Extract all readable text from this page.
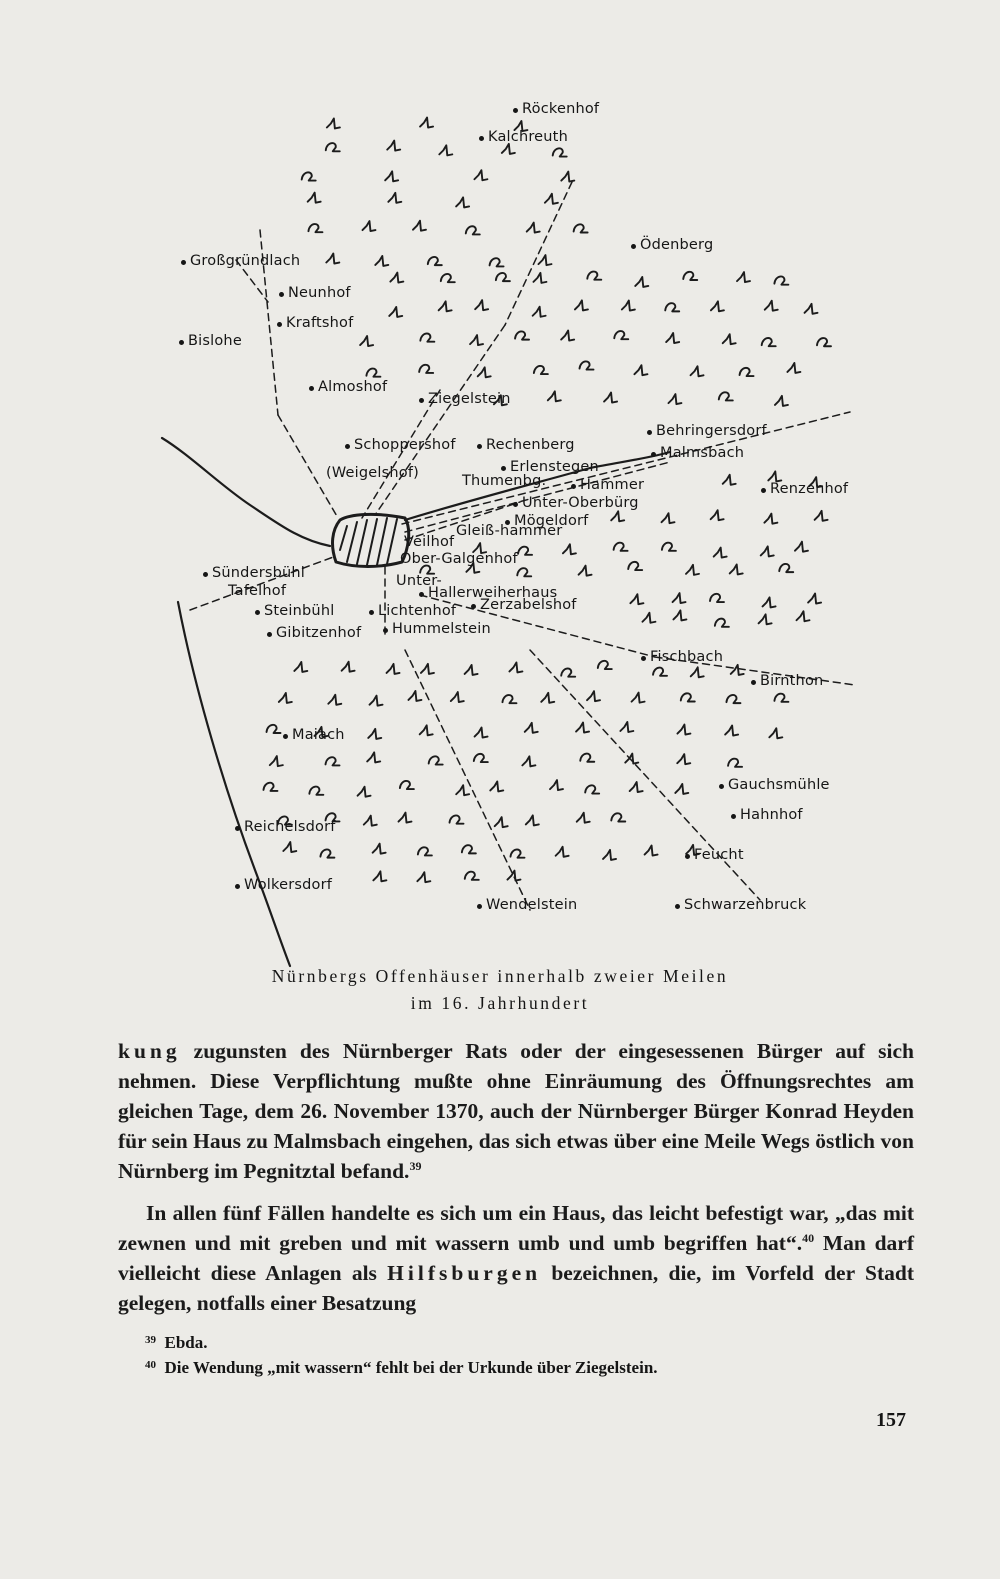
Röckenhof
Kalchreuth
Ödenberg
Großgründlach
Neunhof
Kraftshof
Bislohe
Almoshof
Ziegelstein
Behringersdorf
Schoppershof Rechenberg	Malmsbach
Erlenstegen
(Weigelshof)	Thumenbg. Hammer	Renzenhof
Unter-Oberbürg
Mögeldorf
Veilhof
Gleiß-hammer
Ober-Galgenhof
Sündersbühl
Tafelhof
Unter-
Hallerweiherhaus
Steinbühl	Lichtenhof Zerzabelshof
Gibitzenhof Hummelstein
Fischbach
Birnthon
Maiach
Gauchsmühle
Reichelsdorf
Hahnhof
Feucht
Wolkersdorf
Wendelstein	Schwarzenbruck
Nürnbergs Offenhäuser innerhalb zweier Meilen
im 16. Jahrhundert

kung zugunsten des Nürnberger Rats oder der eingesessenen Bürger auf sich nehmen. Diese Verpflichtung mußte ohne Einräumung des Öffnungsrechtes am gleichen Tage, dem 26. November 1370, auch der Nürnberger Bürger Konrad Heyden für sein Haus zu Malmsbach eingehen, das sich etwas über eine Meile Wegs östlich von Nürnberg im Pegnitztal befand.$^{39}$

In allen fünf Fällen handelte es sich um ein Haus, das leicht befestigt war, „das mit zewnen und mit greben und mit wassern umb und umb begriffen hat“.$^{40}$ Man darf vielleicht diese Anlagen als Hilfsburgen bezeichnen, die, im Vorfeld der Stadt gelegen, notfalls einer Besatzung

$^{39}$ Ebda.
$^{40}$ Die Wendung „mit wassern“ fehlt bei der Urkunde über Ziegelstein.
157
